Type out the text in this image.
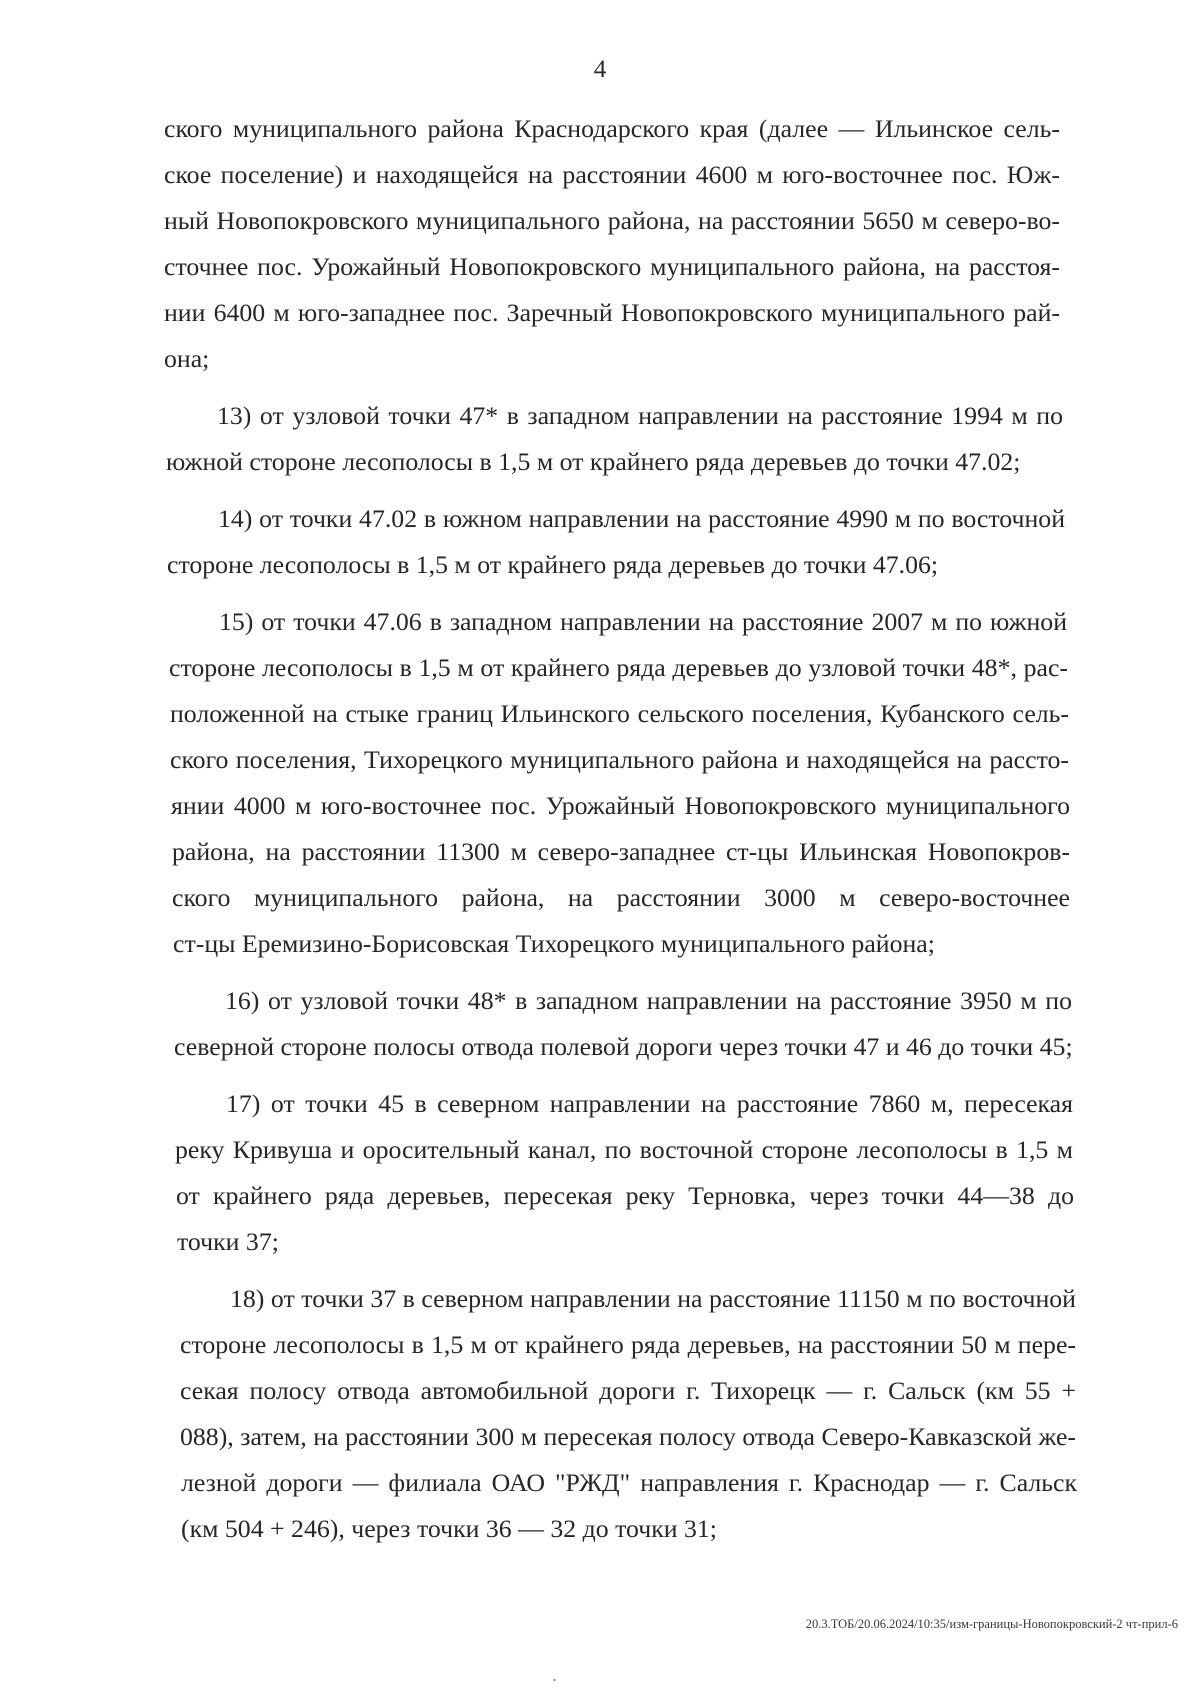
4
ского муниципального района Краснодарского края (далее — Ильинское сель-
ское поселение) и находящейся на расстоянии 4600 м юго-восточнее пос. Юж-
ный Новопокровского муниципального района, на расстоянии 5650 м северо-во-
сточнее пос. Урожайный Новопокровского муниципального района, на расстоя-
нии 6400 м юго-западнее пос. Заречный Новопокровского муниципального рай-
она;
13) от узловой точки 47* в западном направлении на расстояние 1994 м по
южной стороне лесополосы в 1,5 м от крайнего ряда деревьев до точки 47.02;
14) от точки 47.02 в южном направлении на расстояние 4990 м по восточной
стороне лесополосы в 1,5 м от крайнего ряда деревьев до точки 47.06;
15) от точки 47.06 в западном направлении на расстояние 2007 м по южной
стороне лесополосы в 1,5 м от крайнего ряда деревьев до узловой точки 48*, рас-
положенной на стыке границ Ильинского сельского поселения, Кубанского сель-
ского поселения, Тихорецкого муниципального района и находящейся на рассто-
янии 4000 м юго-восточнее пос. Урожайный Новопокровского муниципального
района, на расстоянии 11300 м северо-западнее ст-цы Ильинская Новопокров-
ского муниципального района, на расстоянии 3000 м северо-восточнее
ст-цы Еремизино-Борисовская Тихорецкого муниципального района;
16) от узловой точки 48* в западном направлении на расстояние 3950 м по
северной стороне полосы отвода полевой дороги через точки 47 и 46 до точки 45;
17) от точки 45 в северном направлении на расстояние 7860 м, пересекая
реку Кривуша и оросительный канал, по восточной стороне лесополосы в 1,5 м
от крайнего ряда деревьев, пересекая реку Терновка, через точки 44—38 до
точки 37;
18) от точки 37 в северном направлении на расстояние 11150 м по восточной
стороне лесополосы в 1,5 м от крайнего ряда деревьев, на расстоянии 50 м пере-
секая полосу отвода автомобильной дороги г. Тихорецк — г. Сальск (км 55 +
088), затем, на расстоянии 300 м пересекая полосу отвода Северо-Кавказской же-
лезной дороги — филиала ОАО "РЖД" направления г. Краснодар — г. Сальск
(км 504 + 246), через точки 36 — 32 до точки 31;
20.3.ТОБ/20.06.2024/10:35/изм-границы-Новопокровский-2 чт-прил-6
